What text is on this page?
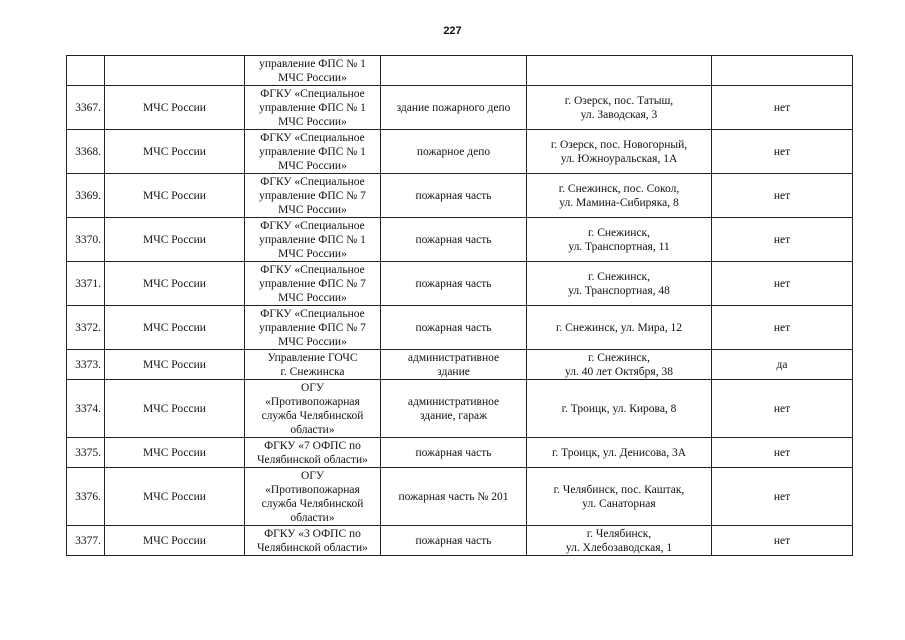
227
		управление ФПС № 1
МЧС России»			
3367.	МЧС России	ФГКУ «Специальное
управление ФПС № 1
МЧС России»	здание пожарного депо	г. Озерск, пос. Татыш,
ул. Заводская, 3	нет
3368.	МЧС России	ФГКУ «Специальное
управление ФПС № 1
МЧС России»	пожарное депо	г. Озерск, пос. Новогорный,
ул. Южноуральская, 1А	нет
3369.	МЧС России	ФГКУ «Специальное
управление ФПС № 7
МЧС России»	пожарная часть	г. Снежинск, пос. Сокол,
ул. Мамина-Сибиряка, 8	нет
3370.	МЧС России	ФГКУ «Специальное
управление ФПС № 1
МЧС России»	пожарная часть	г. Снежинск,
ул. Транспортная, 11	нет
3371.	МЧС России	ФГКУ «Специальное
управление ФПС № 7
МЧС России»	пожарная часть	г. Снежинск,
ул. Транспортная, 48	нет
3372.	МЧС России	ФГКУ «Специальное
управление ФПС № 7
МЧС России»	пожарная часть	г. Снежинск, ул. Мира, 12	нет
3373.	МЧС России	Управление ГОЧС
г. Снежинска	административное
здание	г. Снежинск,
ул. 40 лет Октября, 38	да
3374.	МЧС России	ОГУ
«Противопожарная
служба Челябинской
области»	административное
здание, гараж	г. Троицк, ул. Кирова, 8	нет
3375.	МЧС России	ФГКУ «7 ОФПС по
Челябинской области»	пожарная часть	г. Троицк, ул. Денисова, 3А	нет
3376.	МЧС России	ОГУ
«Противопожарная
служба Челябинской
области»	пожарная часть № 201	г. Челябинск, пос. Каштак,
ул. Санаторная	нет
3377.	МЧС России	ФГКУ «3 ОФПС по
Челябинской области»	пожарная часть	г. Челябинск,
ул. Хлебозаводская, 1	нет
